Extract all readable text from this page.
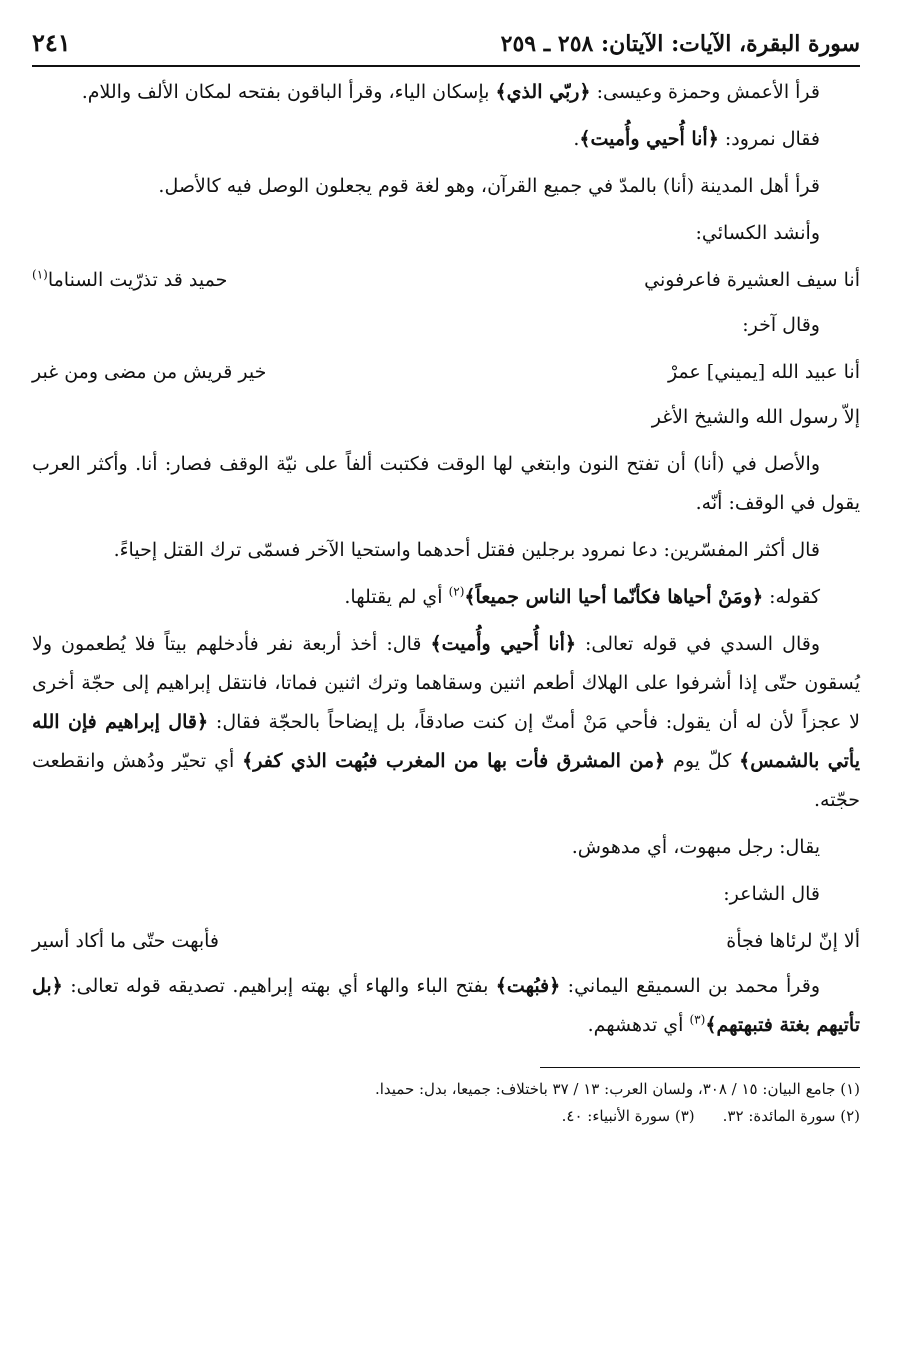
سورة البقرة، الآيات: الآيتان: ٢٥٨ ـ ٢٥٩
٢٤١

قرأ الأعمش وحمزة وعيسى: ﴿ربّي الذي﴾ بإسكان الياء، وقرأ الباقون بفتحه لمكان الألف واللام.

فقال نمرود: ﴿أنا أُحيي وأُميت﴾.

قرأ أهل المدينة (أنا) بالمدّ في جميع القرآن، وهو لغة قوم يجعلون الوصل فيه كالأصل.

وأنشد الكسائي:

أنا سيف العشيرة فاعرفوني
حميد قد تذرّيت السناما$^{(١)}$

وقال آخر:

أنا عبيد الله [يميني] عمرْ
خير قريش من مضى ومن غبر

إلاّ رسول الله والشيخ الأغر

والأصل في (أنا) أن تفتح النون وابتغي لها الوقت فكتبت ألفاً على نيّة الوقف فصار: أنا. وأكثر العرب يقول في الوقف: أنّه.

قال أكثر المفسّرين: دعا نمرود برجلين فقتل أحدهما واستحيا الآخر فسمّى ترك القتل إحياءً.

كقوله: ﴿ومَنْ أحياها فكأنّما أحيا الناس جميعاً﴾$^{(٢)}$ أي لم يقتلها.

وقال السدي في قوله تعالى: ﴿أنا أُحيي وأُميت﴾ قال: أخذ أربعة نفر فأدخلهم بيتاً فلا يُطعمون ولا يُسقون حتّى إذا أشرفوا على الهلاك أطعم اثنين وسقاهما وترك اثنين فماتا، فانتقل إبراهيم إلى حجّة أخرى لا عجزاً لأن له أن يقول: فأحي مَنْ أمتّ إن كنت صادقاً، بل إيضاحاً بالحجّة فقال: ﴿قال إبراهيم فإن الله يأتي بالشمس﴾ كلّ يوم ﴿من المشرق فأت بها من المغرب فبُهت الذي كفر﴾ أي تحيّر ودُهش وانقطعت حجّته.

يقال: رجل مبهوت، أي مدهوش.

قال الشاعر:

ألا إنّ لرئاها فجأة
فأبهت حتّى ما أكاد أسير

وقرأ محمد بن السميقع اليماني: ﴿فبُهت﴾ بفتح الباء والهاء أي بهته إبراهيم. تصديقه قوله تعالى: ﴿بل تأتيهم بغتة فتبهتهم﴾$^{(٣)}$ أي تدهشهم.

(١) جامع البيان: ١٥ / ٣٠٨، ولسان العرب: ١٣ / ٣٧ باختلاف: جميعا، بدل: حميدا.
(٢) سورة المائدة: ٣٢.
(٣) سورة الأنبياء: ٤٠.
